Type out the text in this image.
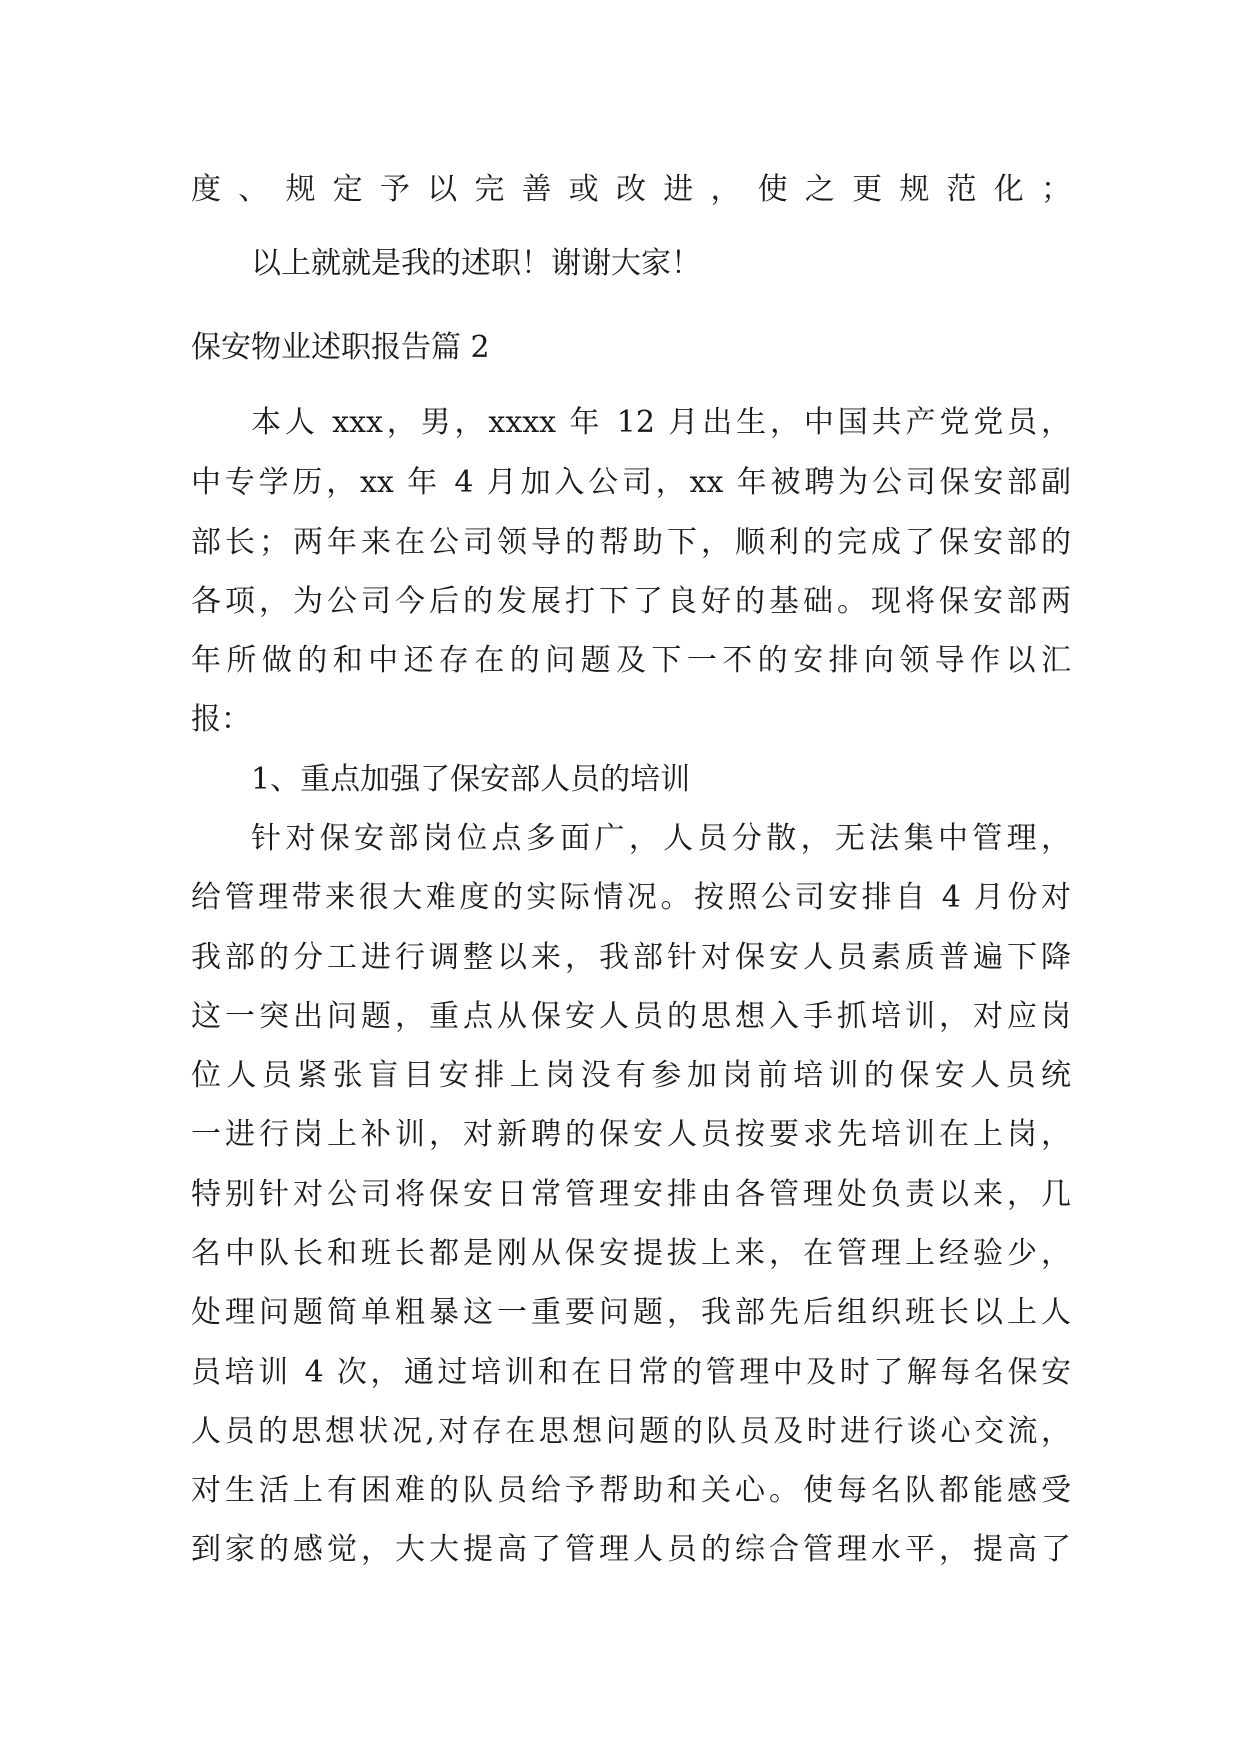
度、规定予以完善或改进，使之更规范化；
以上就就是我的述职！谢谢大家！
保安物业述职报告篇 2
本人 xxx，男，xxxx 年 12 月出生，中国共产党党员，
中专学历，xx 年 4 月加入公司，xx 年被聘为公司保安部副
部长；两年来在公司领导的帮助下，顺利的完成了保安部的
各项，为公司今后的发展打下了良好的基础。现将保安部两
年所做的和中还存在的问题及下一不的安排向领导作以汇
报：
1、重点加强了保安部人员的培训
针对保安部岗位点多面广，人员分散，无法集中管理，
给管理带来很大难度的实际情况。按照公司安排自 4 月份对
我部的分工进行调整以来，我部针对保安人员素质普遍下降
这一突出问题，重点从保安人员的思想入手抓培训，对应岗
位人员紧张盲目安排上岗没有参加岗前培训的保安人员统
一进行岗上补训，对新聘的保安人员按要求先培训在上岗，
特别针对公司将保安日常管理安排由各管理处负责以来，几
名中队长和班长都是刚从保安提拔上来，在管理上经验少，
处理问题简单粗暴这一重要问题，我部先后组织班长以上人
员培训 4 次，通过培训和在日常的管理中及时了解每名保安
人员的思想状况,对存在思想问题的队员及时进行谈心交流，
对生活上有困难的队员给予帮助和关心。使每名队都能感受
到家的感觉，大大提高了管理人员的综合管理水平，提高了
